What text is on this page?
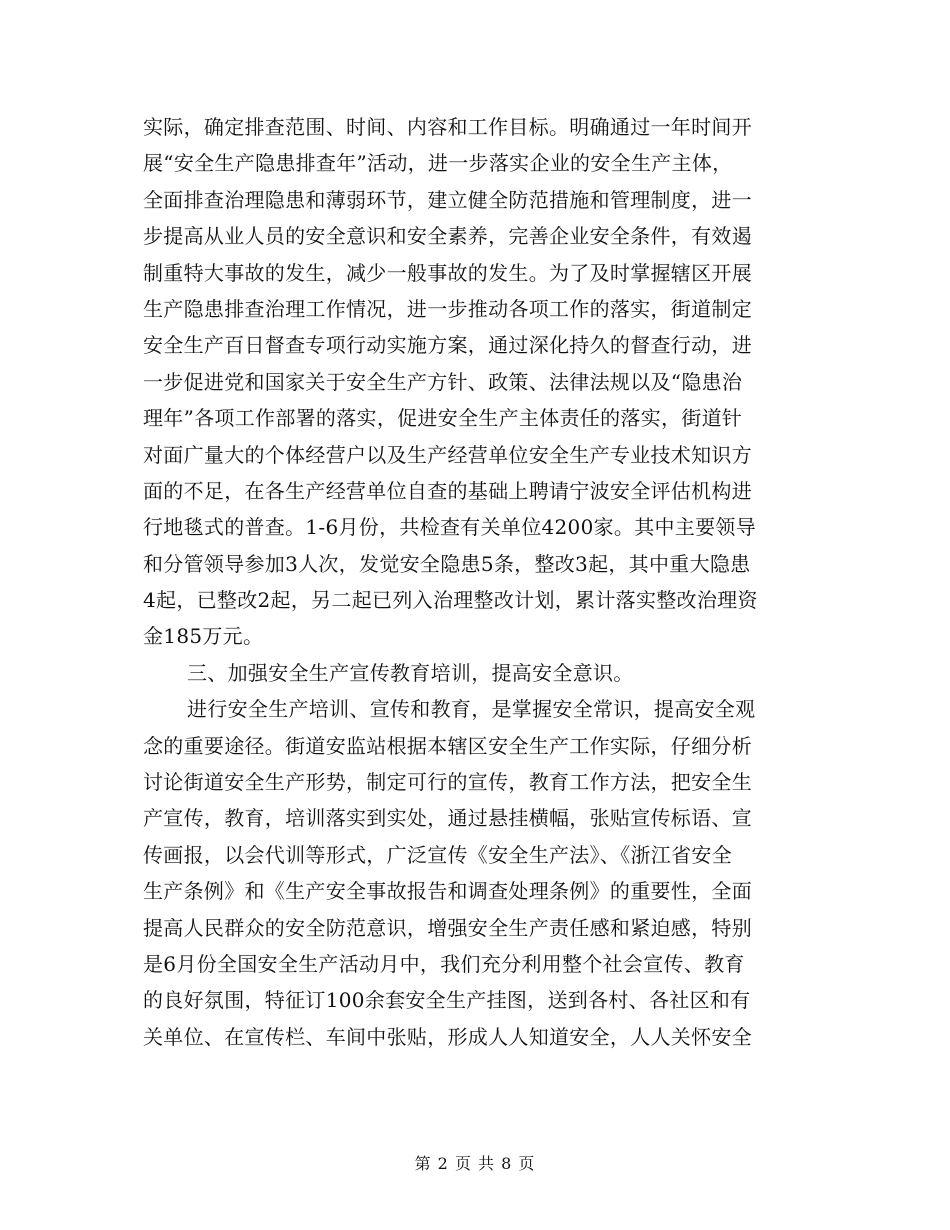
实际，确定排查范围、时间、内容和工作目标。明确通过一年时间开
展“安全生产隐患排查年”活动，进一步落实企业的安全生产主体，
全面排查治理隐患和薄弱环节，建立健全防范措施和管理制度，进一
步提高从业人员的安全意识和安全素养，完善企业安全条件，有效遏
制重特大事故的发生，减少一般事故的发生。为了及时掌握辖区开展
生产隐患排查治理工作情况，进一步推动各项工作的落实，街道制定
安全生产百日督查专项行动实施方案，通过深化持久的督查行动，进
一步促进党和国家关于安全生产方针、政策、法律法规以及“隐患治
理年”各项工作部署的落实，促进安全生产主体责任的落实，街道针
对面广量大的个体经营户以及生产经营单位安全生产专业技术知识方
面的不足，在各生产经营单位自查的基础上聘请宁波安全评估机构进
行地毯式的普查。1-6月份，共检查有关单位4200家。其中主要领导
和分管领导参加3人次，发觉安全隐患5条，整改3起，其中重大隐患
4起，已整改2起，另二起已列入治理整改计划，累计落实整改治理资
金185万元。
三、加强安全生产宣传教育培训，提高安全意识。
进行安全生产培训、宣传和教育，是掌握安全常识，提高安全观
念的重要途径。街道安监站根据本辖区安全生产工作实际，仔细分析
讨论街道安全生产形势，制定可行的宣传，教育工作方法，把安全生
产宣传，教育，培训落实到实处，通过悬挂横幅，张贴宣传标语、宣
传画报，以会代训等形式，广泛宣传《安全生产法》、《浙江省安全
生产条例》和《生产安全事故报告和调查处理条例》的重要性，全面
提高人民群众的安全防范意识，增强安全生产责任感和紧迫感，特别
是6月份全国安全生产活动月中，我们充分利用整个社会宣传、教育
的良好氛围，特征订100余套安全生产挂图，送到各村、各社区和有
关单位、在宣传栏、车间中张贴，形成人人知道安全，人人关怀安全
第 2 页 共 8 页
